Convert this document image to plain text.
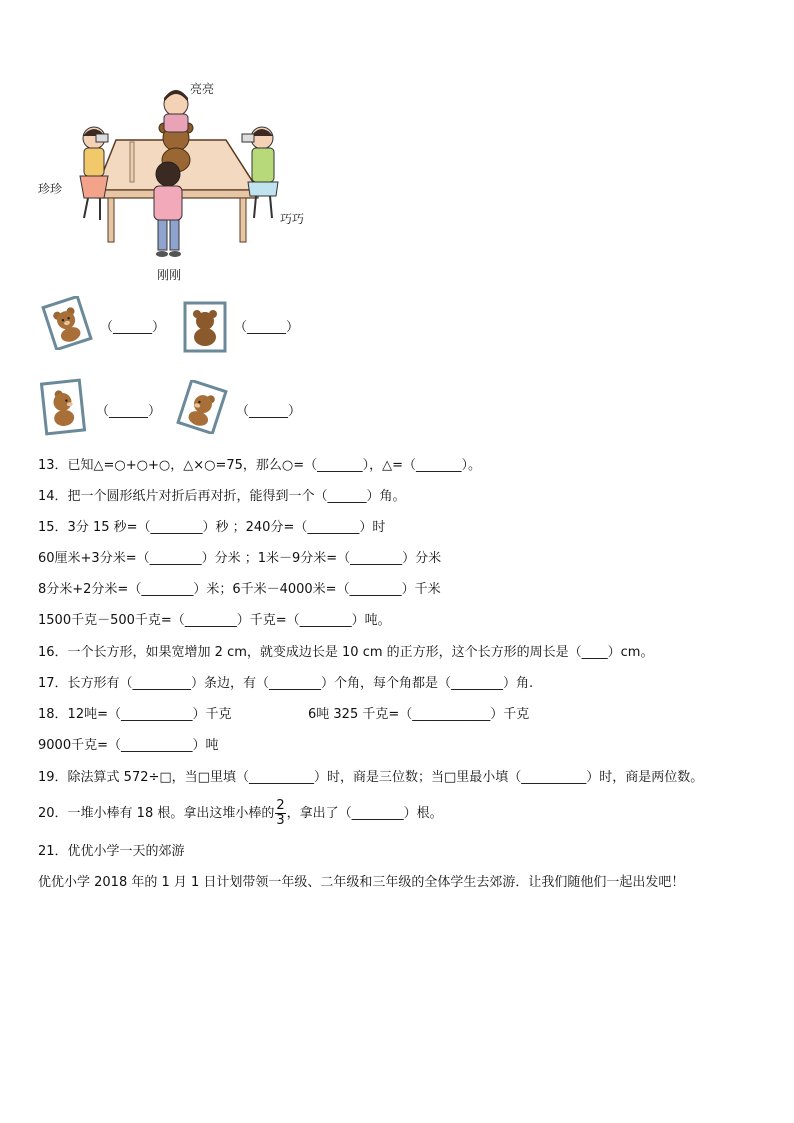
亮亮
珍珍
巧巧
刚刚
（______）	（______）
（______）	（______）
13．已知△=○+○+○，△×○=75，那么○=（_______），△=（_______）。
14．把一个圆形纸片对折后再对折，能得到一个（______）角。
15．3分 15 秒=（________）秒 ；240分=（________）时
60厘米+3分米=（________）分米 ；1米－9分米=（________）分米
8分米+2分米=（________）米；6千米－4000米=（________）千米
1500千克－500千克=（________）千克=（________）吨。
16．一个长方形，如果宽增加 2 cm，就变成边长是 10 cm 的正方形，这个长方形的周长是（____）cm。
17．长方形有（_________）条边，有（________）个角，每个角都是（________）角.
18．12吨=（___________）千克	6吨 325 千克=（____________）千克
9000千克=（___________）吨
19．除法算式 572÷□，当□里填（__________）时，商是三位数；当□里最小填（__________）时，商是两位数。
20．一堆小棒有 18 根。拿出这堆小棒的 $\frac{2}{3}$ ，拿出了（________）根。
21．优优小学一天的郊游
优优小学 2018 年的 1 月 1 日计划带领一年级、二年级和三年级的全体学生去郊游．让我们随他们一起出发吧！
